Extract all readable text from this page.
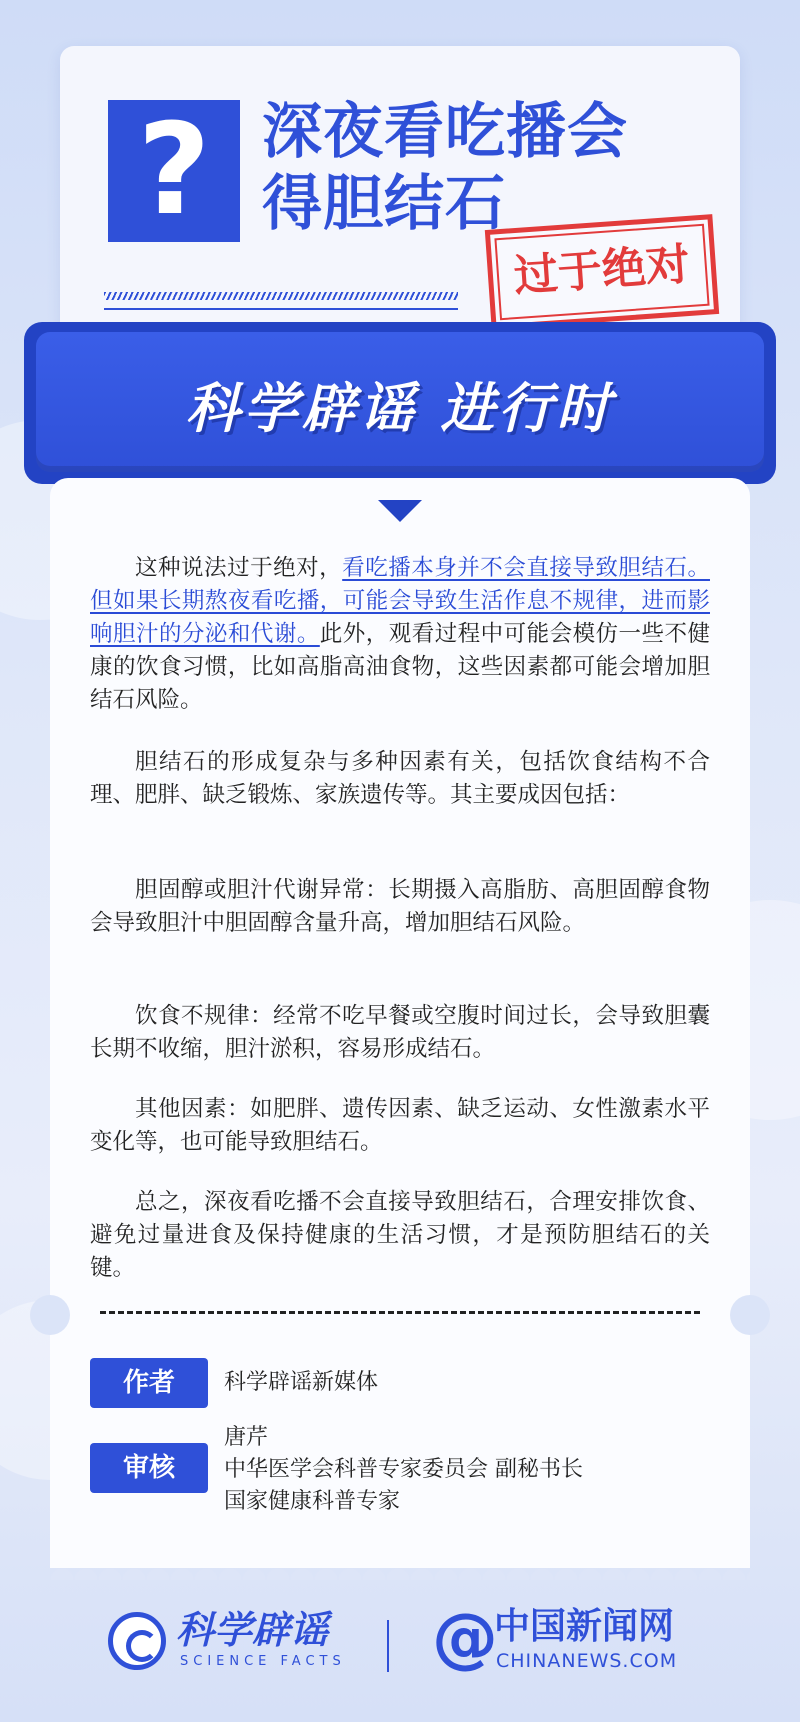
? 深夜看吃播会
得胆结石
过于绝对
科学辟谣 进行时
这种说法过于绝对，看吃播本身并不会直接导致胆结石。但如果长期熬夜看吃播，可能会导致生活作息不规律，进而影响胆汁的分泌和代谢。此外，观看过程中可能会模仿一些不健康的饮食习惯，比如高脂高油食物，这些因素都可能会增加胆结石风险。
胆结石的形成复杂与多种因素有关，包括饮食结构不合理、肥胖、缺乏锻炼、家族遗传等。其主要成因包括：
胆固醇或胆汁代谢异常：长期摄入高脂肪、高胆固醇食物会导致胆汁中胆固醇含量升高，增加胆结石风险。
饮食不规律：经常不吃早餐或空腹时间过长，会导致胆囊长期不收缩，胆汁淤积，容易形成结石。
其他因素：如肥胖、遗传因素、缺乏运动、女性激素水平变化等，也可能导致胆结石。
总之，深夜看吃播不会直接导致胆结石，合理安排饮食、避免过量进食及保持健康的生活习惯，才是预防胆结石的关键。
作者	科学辟谣新媒体
审核
唐芹
中华医学会科普专家委员会 副秘书长
国家健康科普专家
科学辟谣
SCIENCE FACTS @
中国新闻网
CHINANEWS.COM
